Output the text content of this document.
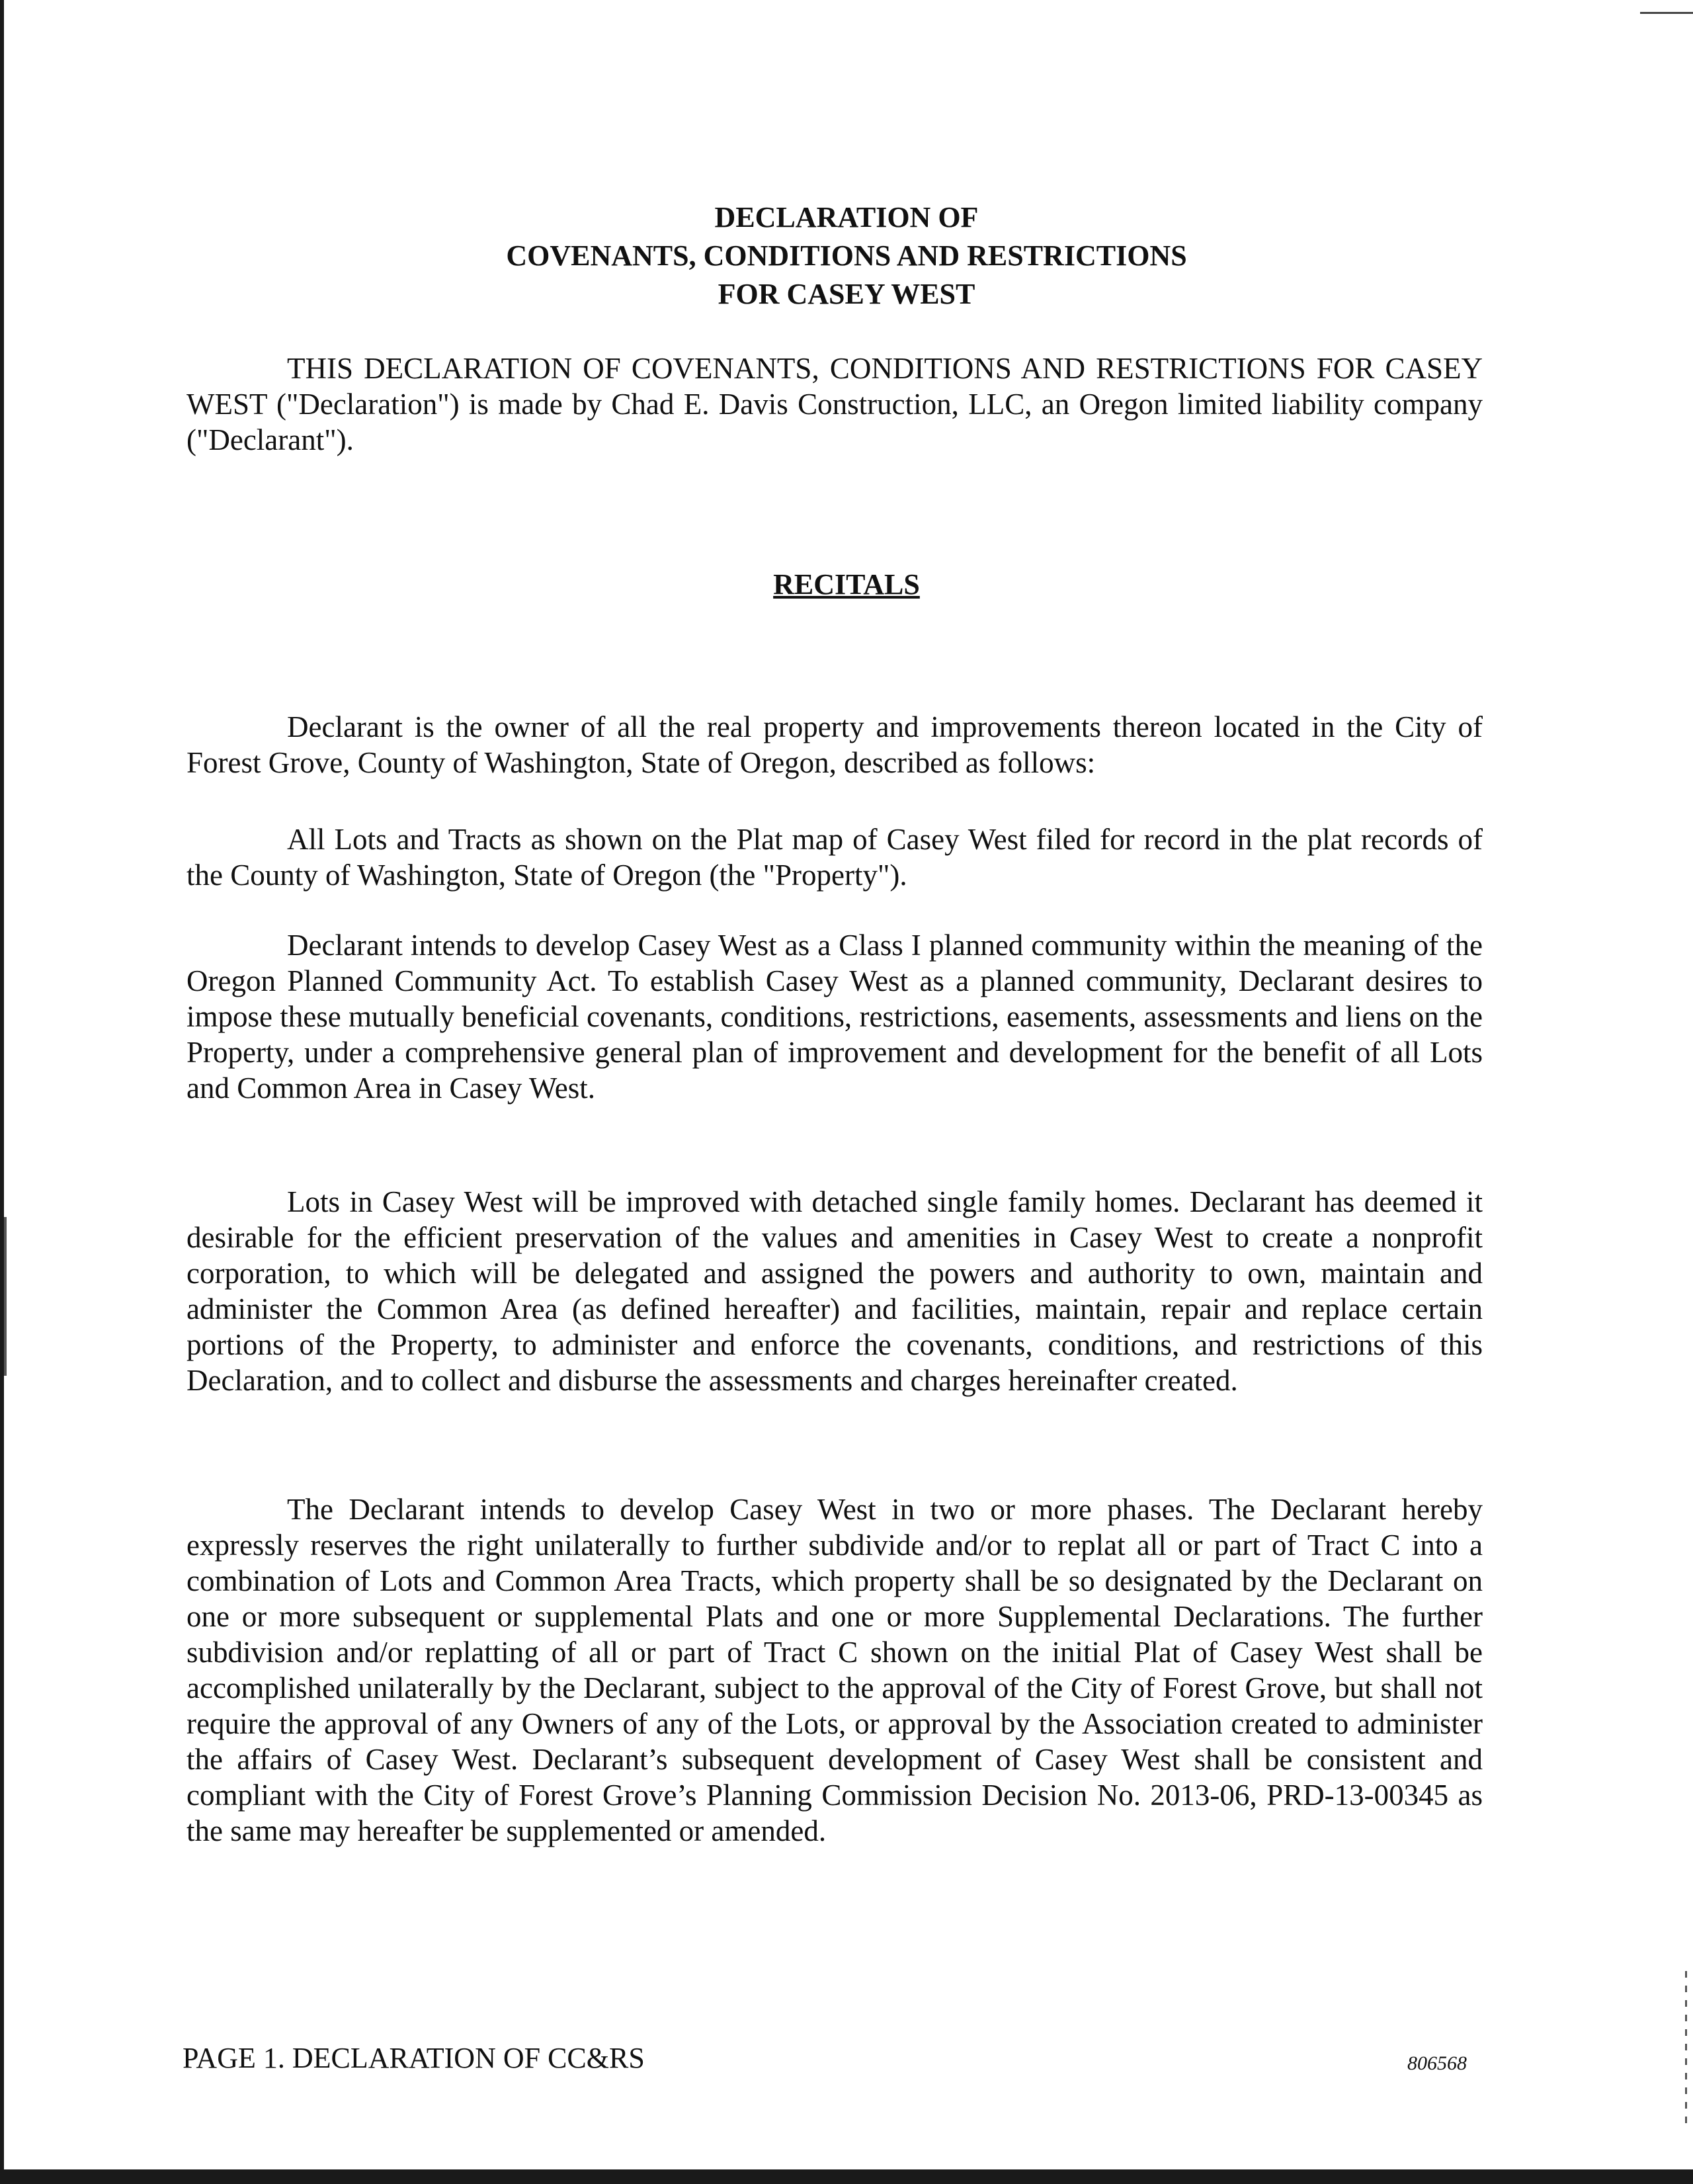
DECLARATION OF
COVENANTS, CONDITIONS AND RESTRICTIONS
FOR CASEY WEST

THIS DECLARATION OF COVENANTS, CONDITIONS AND RESTRICTIONS FOR CASEY WEST ("Declaration") is made by Chad E. Davis Construction, LLC, an Oregon limited liability company ("Declarant").

RECITALS

Declarant is the owner of all the real property and improvements thereon located in the City of Forest Grove, County of Washington, State of Oregon, described as follows:

All Lots and Tracts as shown on the Plat map of Casey West filed for record in the plat records of the County of Washington, State of Oregon (the "Property").

Declarant intends to develop Casey West as a Class I planned community within the meaning of the Oregon Planned Community Act. To establish Casey West as a planned community, Declarant desires to impose these mutually beneficial covenants, conditions, restrictions, easements, assessments and liens on the Property, under a comprehensive general plan of improvement and development for the benefit of all Lots and Common Area in Casey West.

Lots in Casey West will be improved with detached single family homes. Declarant has deemed it desirable for the efficient preservation of the values and amenities in Casey West to create a nonprofit corporation, to which will be delegated and assigned the powers and authority to own, maintain and administer the Common Area (as defined hereafter) and facilities, maintain, repair and replace certain portions of the Property, to administer and enforce the covenants, conditions, and restrictions of this Declaration, and to collect and disburse the assessments and charges hereinafter created.

The Declarant intends to develop Casey West in two or more phases. The Declarant hereby expressly reserves the right unilaterally to further subdivide and/or to replat all or part of Tract C into a combination of Lots and Common Area Tracts, which property shall be so designated by the Declarant on one or more subsequent or supplemental Plats and one or more Supplemental Declarations. The further subdivision and/or replatting of all or part of Tract C shown on the initial Plat of Casey West shall be accomplished unilaterally by the Declarant, subject to the approval of the City of Forest Grove, but shall not require the approval of any Owners of any of the Lots, or approval by the Association created to administer the affairs of Casey West. Declarant’s subsequent development of Casey West shall be consistent and compliant with the City of Forest Grove’s Planning Commission Decision No. 2013-06, PRD-13-00345 as the same may hereafter be supplemented or amended.

PAGE 1. DECLARATION OF CC&RS	806568
